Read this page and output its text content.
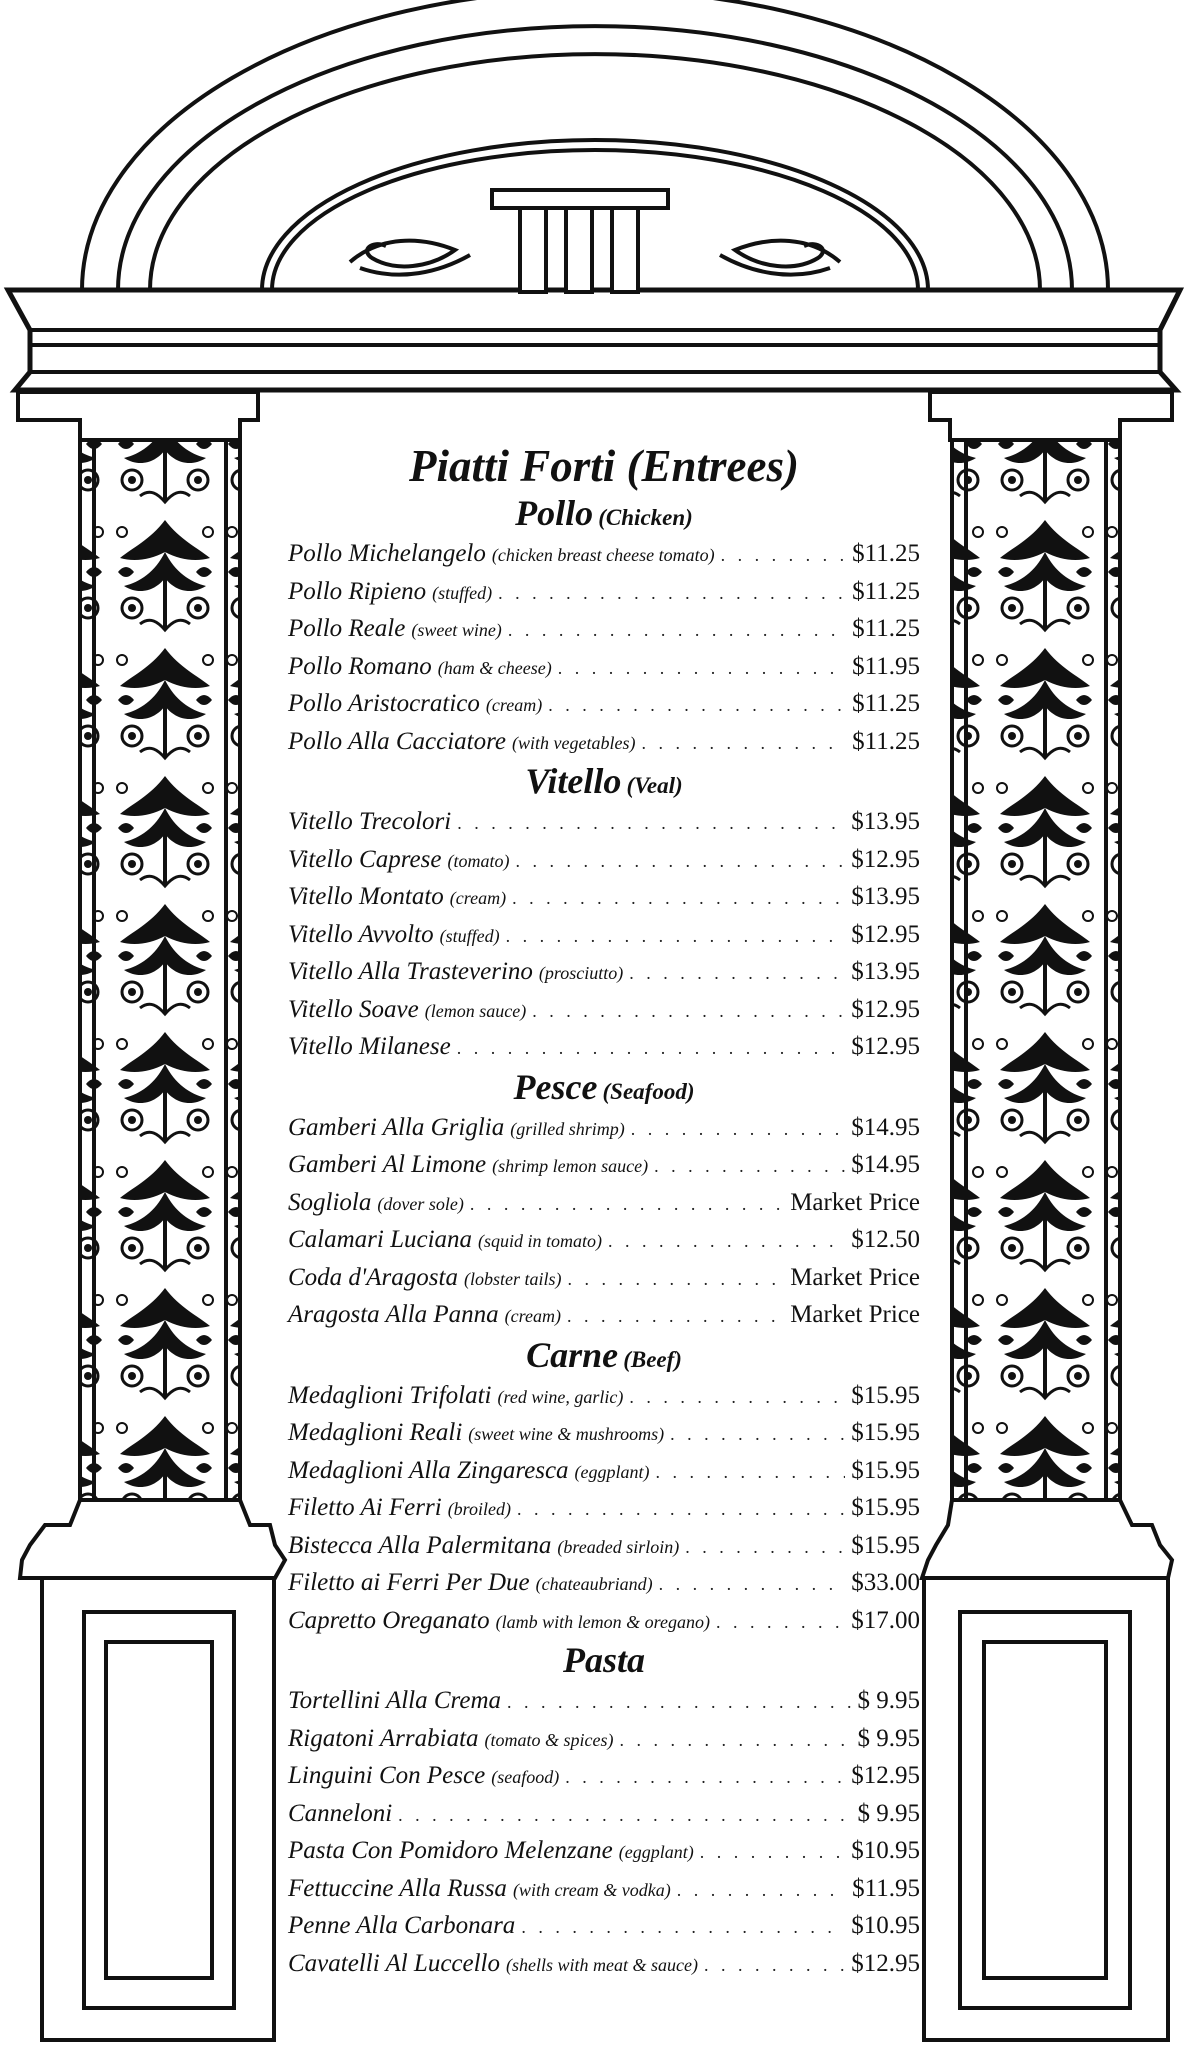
Piatti Forti (Entrees)
Pollo (Chicken)
Pollo Michelangelo (chicken breast cheese tomato) . . .	$11.25
Pollo Ripieno (stuffed) . . .	$11.25
Pollo Reale (sweet wine) . . .	$11.25
Pollo Romano (ham & cheese) . . .	$11.95
Pollo Aristocratico (cream) . . .	$11.25
Pollo Alla Cacciatore (with vegetables) . . .	$11.25
Vitello (Veal)
Vitello Trecolori . . .	$13.95
Vitello Caprese (tomato) . . .	$12.95
Vitello Montato (cream) . . .	$13.95
Vitello Avvolto (stuffed) . . .	$12.95
Vitello Alla Trasteverino (prosciutto) . . .	$13.95
Vitello Soave (lemon sauce) . . .	$12.95
Vitello Milanese . . .	$12.95
Pesce (Seafood)
Gamberi Alla Griglia (grilled shrimp) . . .	$14.95
Gamberi Al Limone (shrimp lemon sauce) . . .	$14.95
Sogliola (dover sole) . . .	Market Price
Calamari Luciana (squid in tomato) . . .	$12.50
Coda d'Aragosta (lobster tails) . . .	Market Price
Aragosta Alla Panna (cream) . . .	Market Price
Carne (Beef)
Medaglioni Trifolati (red wine, garlic) . . .	$15.95
Medaglioni Reali (sweet wine & mushrooms) . . .	$15.95
Medaglioni Alla Zingaresca (eggplant) . . .	$15.95
Filetto Ai Ferri (broiled) . . .	$15.95
Bistecca Alla Palermitana (breaded sirloin) . . .	$15.95
Filetto ai Ferri Per Due (chateaubriand) . . .	$33.00
Capretto Oreganato (lamb with lemon & oregano) . . .	$17.00
Pasta
Tortellini Alla Crema . . .	$ 9.95
Rigatoni Arrabiata (tomato & spices) . . .	$ 9.95
Linguini Con Pesce (seafood) . . .	$12.95
Canneloni . . .	$ 9.95
Pasta Con Pomidoro Melenzane (eggplant) . . .	$10.95
Fettuccine Alla Russa (with cream & vodka) . . .	$11.95
Penne Alla Carbonara . . .	$10.95
Cavatelli Al Luccello (shells with meat & sauce) . . .	$12.95
